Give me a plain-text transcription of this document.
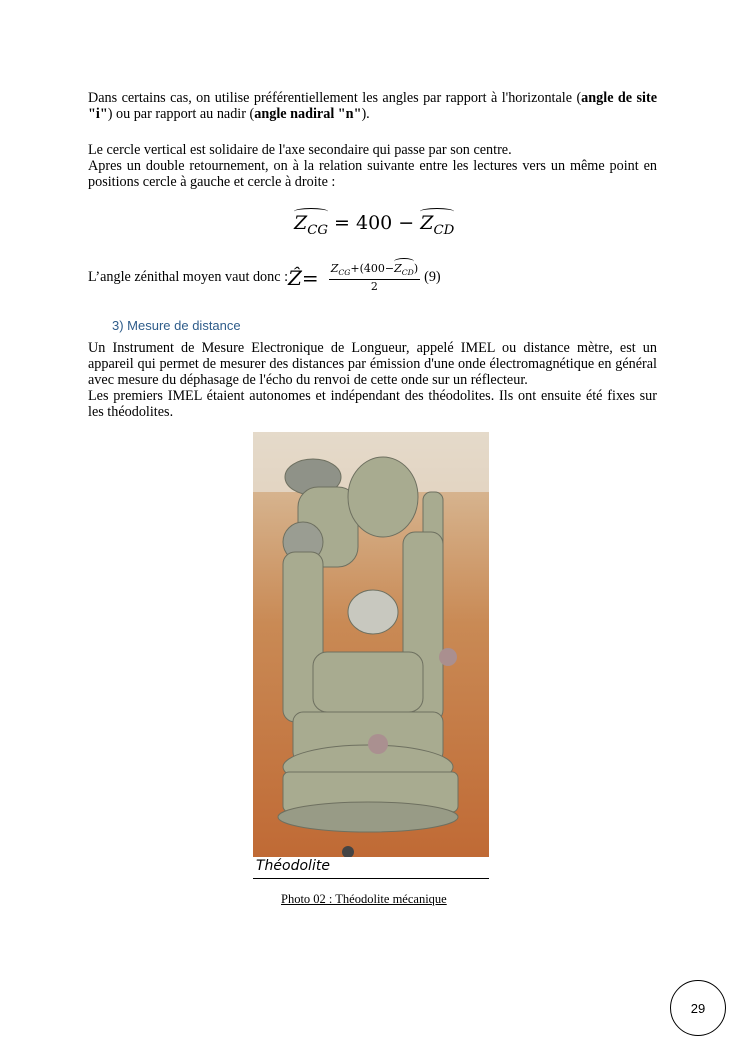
Dans certains cas, on utilise préférentiellement les angles par rapport à l'horizontale (angle de site "i") ou par rapport au nadir (angle nadiral "n").
Le cercle vertical est solidaire de l'axe secondaire qui passe par son centre.
Apres un double retournement, on à la relation suivante entre les lectures vers un même point en positions cercle à gauche et cercle à droite :
$Z_{CG} = 400 - Z_{CD}$
L’angle zénithal moyen vaut donc : Ẑ = $Z_{CG}+(400-Z_{CD})$
2
(9)
3) Mesure de distance
Un Instrument de Mesure Electronique de Longueur, appelé IMEL ou distance mètre, est un appareil qui permet de mesurer des distances par émission d'une onde électromagnétique en général avec mesure du déphasage de l'écho du renvoi de cette onde sur un réflecteur.
Les premiers IMEL étaient autonomes et indépendant des théodolites. Ils ont ensuite été fixes sur les théodolites.
Théodolite
Photo 02 : Théodolite mécanique
29
